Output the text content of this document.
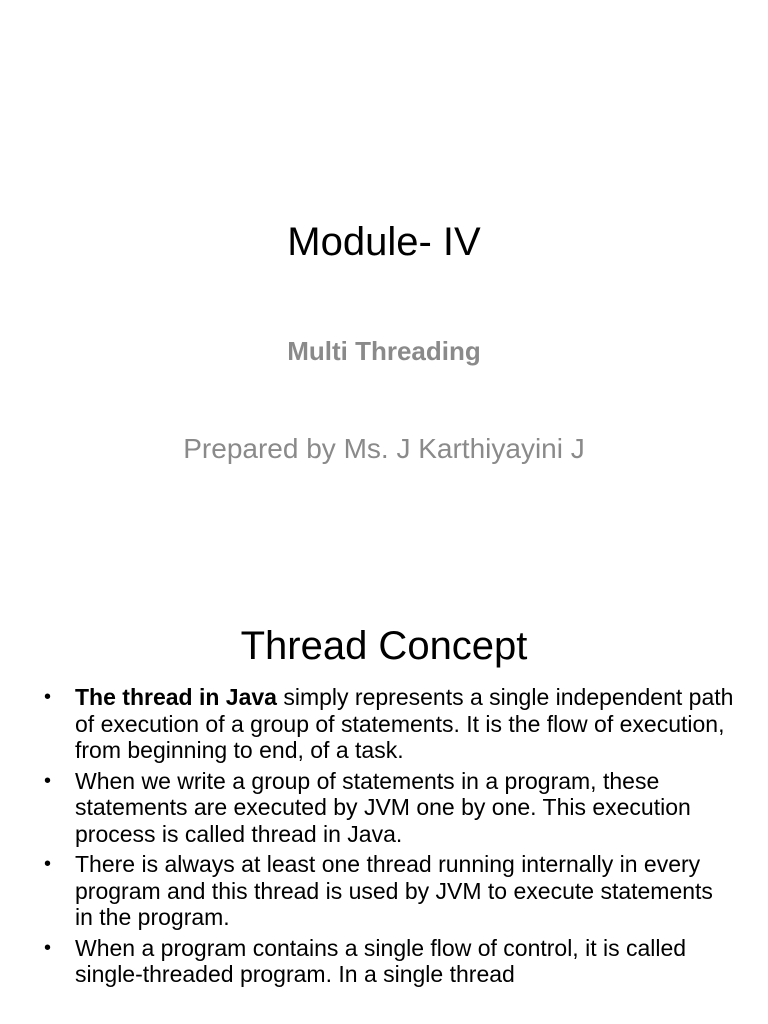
Module- IV
Multi Threading
Prepared by Ms. J Karthiyayini J
Thread Concept
• The thread in Java simply represents a single independent path of execution of a group of statements. It is the flow of execution, from beginning to end, of a task.
• When we write a group of statements in a program, these statements are executed by JVM one by one. This execution process is called thread in Java.
• There is always at least one thread running internally in every program and this thread is used by JVM to execute statements in the program.
• When a program contains a single flow of control, it is called single-threaded program. In a single thread
